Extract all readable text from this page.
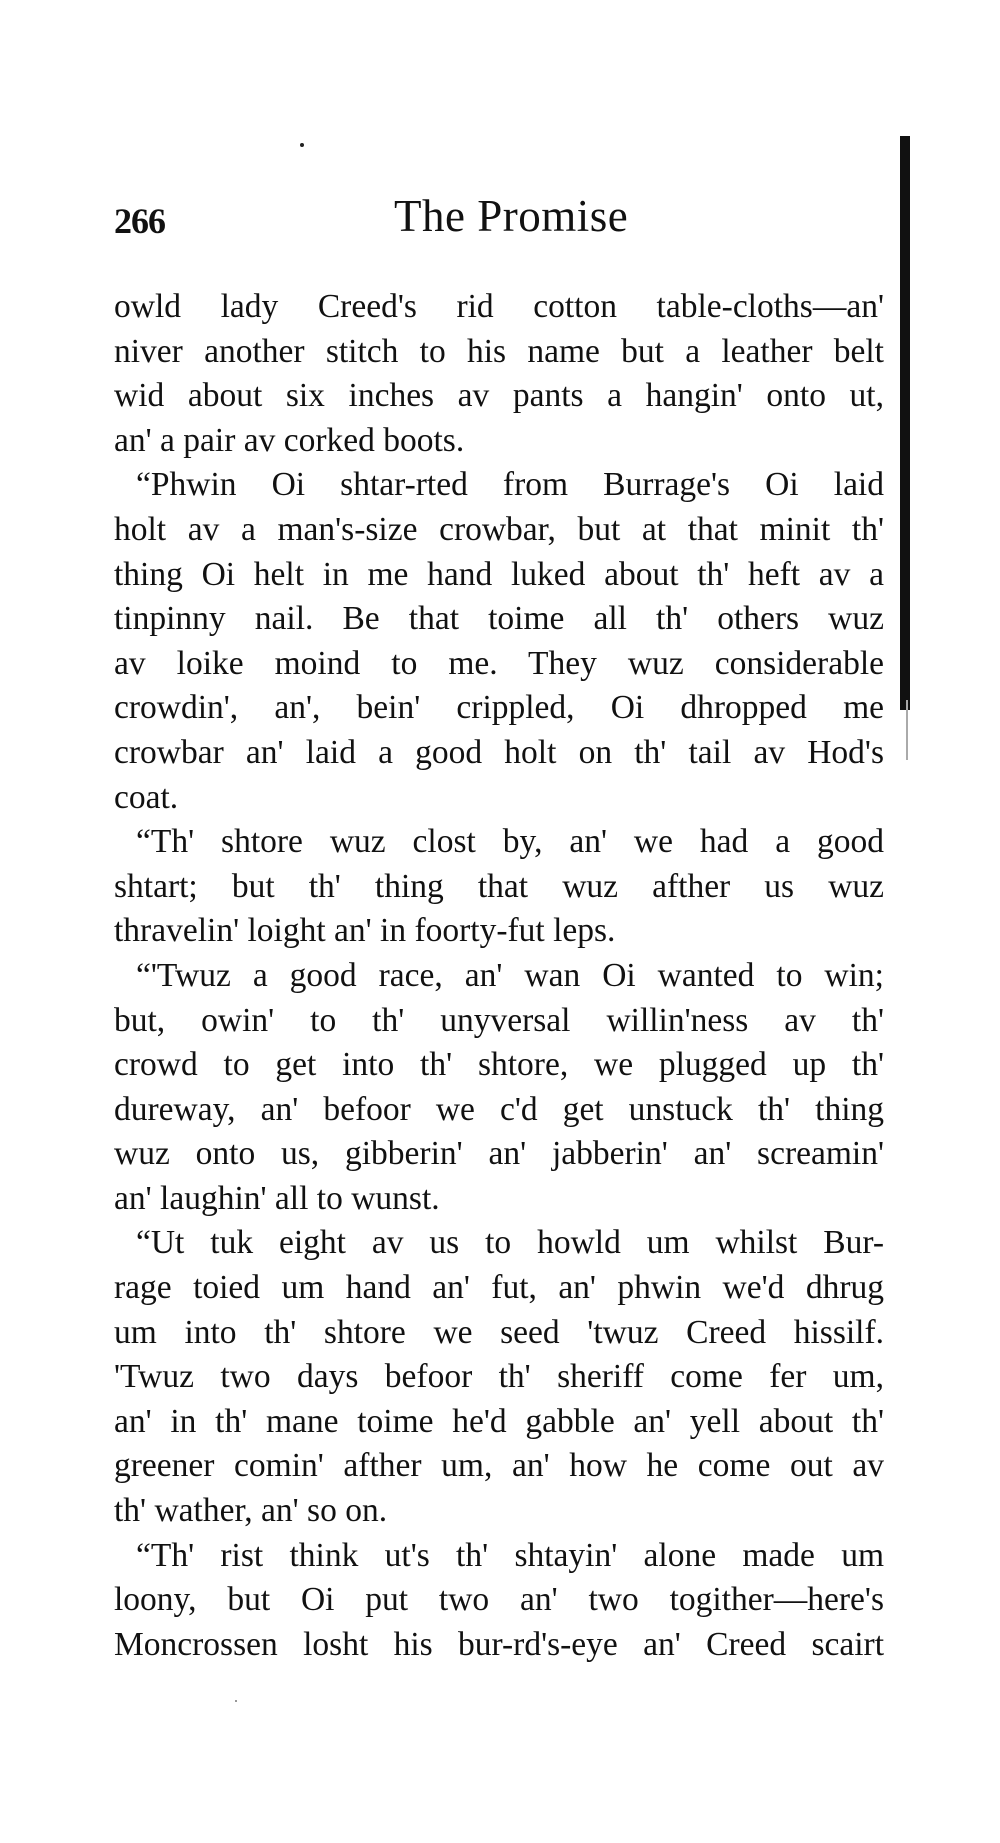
266	The Promise
owld lady Creed's rid cotton table-cloths—an'
niver another stitch to his name but a leather belt
wid about six inches av pants a hangin' onto ut,
an' a pair av corked boots.
“Phwin Oi shtar-rted from Burrage's Oi laid
holt av a man's-size crowbar, but at that minit th'
thing Oi helt in me hand luked about th' heft av a
tinpinny nail. Be that toime all th' others wuz
av loike moind to me. They wuz considerable
crowdin', an', bein' crippled, Oi dhropped me
crowbar an' laid a good holt on th' tail av Hod's
coat.
“Th' shtore wuz clost by, an' we had a good
shtart; but th' thing that wuz afther us wuz
thravelin' loight an' in foorty-fut leps.
“'Twuz a good race, an' wan Oi wanted to win;
but, owin' to th' unyversal willin'ness av th'
crowd to get into th' shtore, we plugged up th'
dureway, an' befoor we c'd get unstuck th' thing
wuz onto us, gibberin' an' jabberin' an' screamin'
an' laughin' all to wunst.
“Ut tuk eight av us to howld um whilst Bur-
rage toied um hand an' fut, an' phwin we'd dhrug
um into th' shtore we seed 'twuz Creed hissilf.
'Twuz two days befoor th' sheriff come fer um,
an' in th' mane toime he'd gabble an' yell about th'
greener comin' afther um, an' how he come out av
th' wather, an' so on.
“Th' rist think ut's th' shtayin' alone made um
loony, but Oi put two an' two togither—here's
Moncrossen losht his bur-rd's-eye an' Creed scairt
